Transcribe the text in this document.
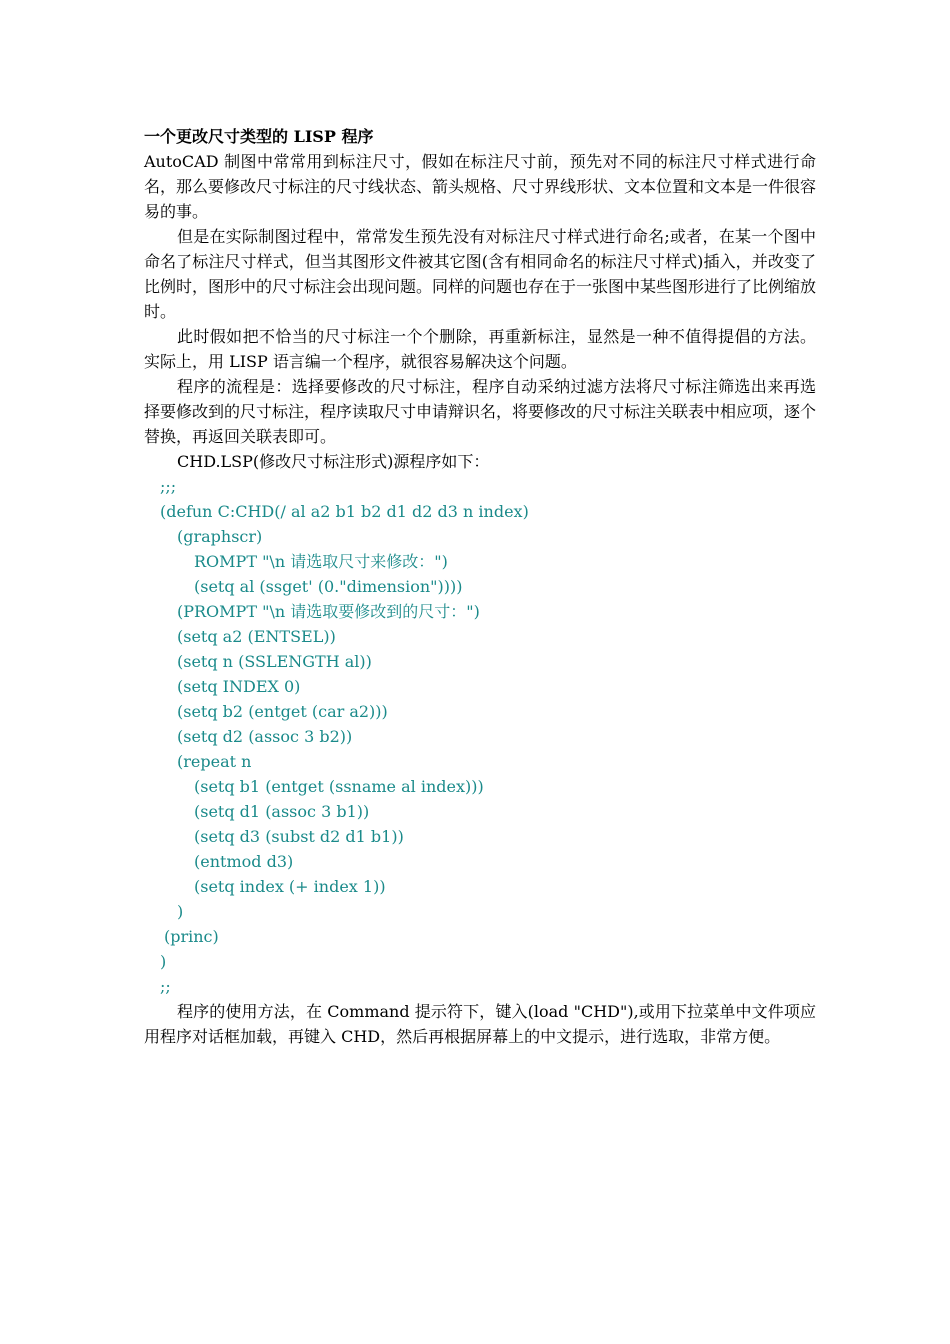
一个更改尺寸类型的 LISP 程序

AutoCAD 制图中常常用到标注尺寸，假如在标注尺寸前，预先对不同的标注尺寸样式进行命名，那么要修改尺寸标注的尺寸线状态、箭头规格、尺寸界线形状、文本位置和文本是一件很容易的事。

但是在实际制图过程中，常常发生预先没有对标注尺寸样式进行命名;或者，在某一个图中命名了标注尺寸样式，但当其图形文件被其它图(含有相同命名的标注尺寸样式)插入，并改变了比例时，图形中的尺寸标注会出现问题。同样的问题也存在于一张图中某些图形进行了比例缩放时。

此时假如把不恰当的尺寸标注一个个删除，再重新标注，显然是一种不值得提倡的方法。实际上，用 LISP 语言编一个程序，就很容易解决这个问题。

程序的流程是：选择要修改的尺寸标注，程序自动采纳过滤方法将尺寸标注筛选出来再选择要修改到的尺寸标注，程序读取尺寸申请辩识名，将要修改的尺寸标注关联表中相应项，逐个替换，再返回关联表即可。

CHD.LSP(修改尺寸标注形式)源程序如下：

;;;
(defun C:CHD(/ al a2 b1 b2 d1 d2 d3 n index)
(graphscr)
ROMPT "\n 请选取尺寸来修改：")
(setq al (ssget' (0."dimension"))))
(PROMPT "\n 请选取要修改到的尺寸：")
(setq a2 (ENTSEL))
(setq n (SSLENGTH al))
(setq INDEX 0)
(setq b2 (entget (car a2)))
(setq d2 (assoc 3 b2))
(repeat n
(setq b1 (entget (ssname al index)))
(setq d1 (assoc 3 b1))
(setq d3 (subst d2 d1 b1))
(entmod d3)
(setq index (+ index 1))
)
(princ)
)
;;

程序的使用方法，在 Command 提示符下，键入(load "CHD"),或用下拉菜单中文件项应用程序对话框加载，再键入 CHD，然后再根据屏幕上的中文提示，进行选取，非常方便。
